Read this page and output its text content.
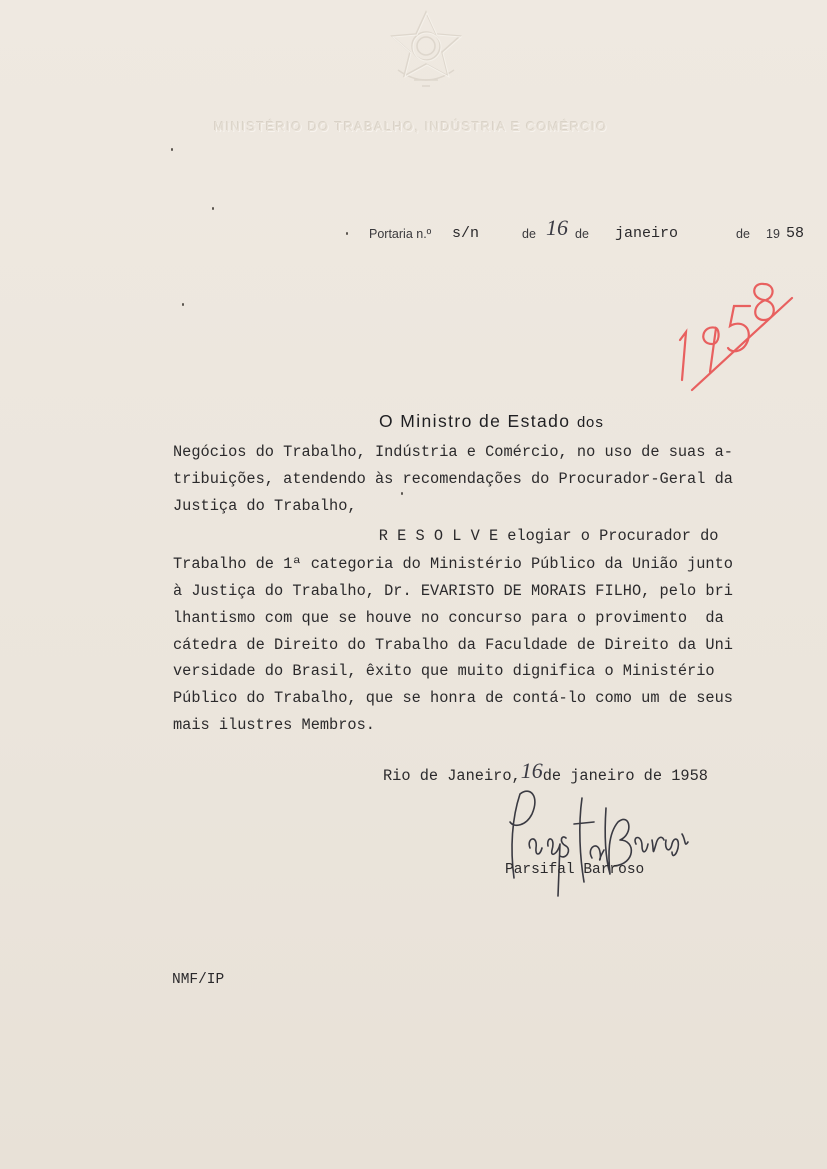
MINISTÉRIO DO TRABALHO, INDÚSTRIA E COMÉRCIO
Portaria n.º s/n	de 16 de janeiro	de 19 58
O Ministro de Estado dos
Negócios do Trabalho, Indústria e Comércio, no uso de suas a-
tribuições, atendendo às recomendações do Procurador-Geral da
Justiça do Trabalho,
R E S O L V E elogiar o Procurador do
Trabalho de 1ª categoria do Ministério Público da União junto
à Justiça do Trabalho, Dr. EVARISTO DE MORAIS FILHO, pelo bri
lhantismo com que se houve no concurso para o provimento  da
cátedra de Direito do Trabalho da Faculdade de Direito da Uni
versidade do Brasil, êxito que muito dignifica o Ministério
Público do Trabalho, que se honra de contá-lo como um de seus
mais ilustres Membros.
Rio de Janeiro,16de janeiro de 1958
Parsifal Barroso
NMF/IP
